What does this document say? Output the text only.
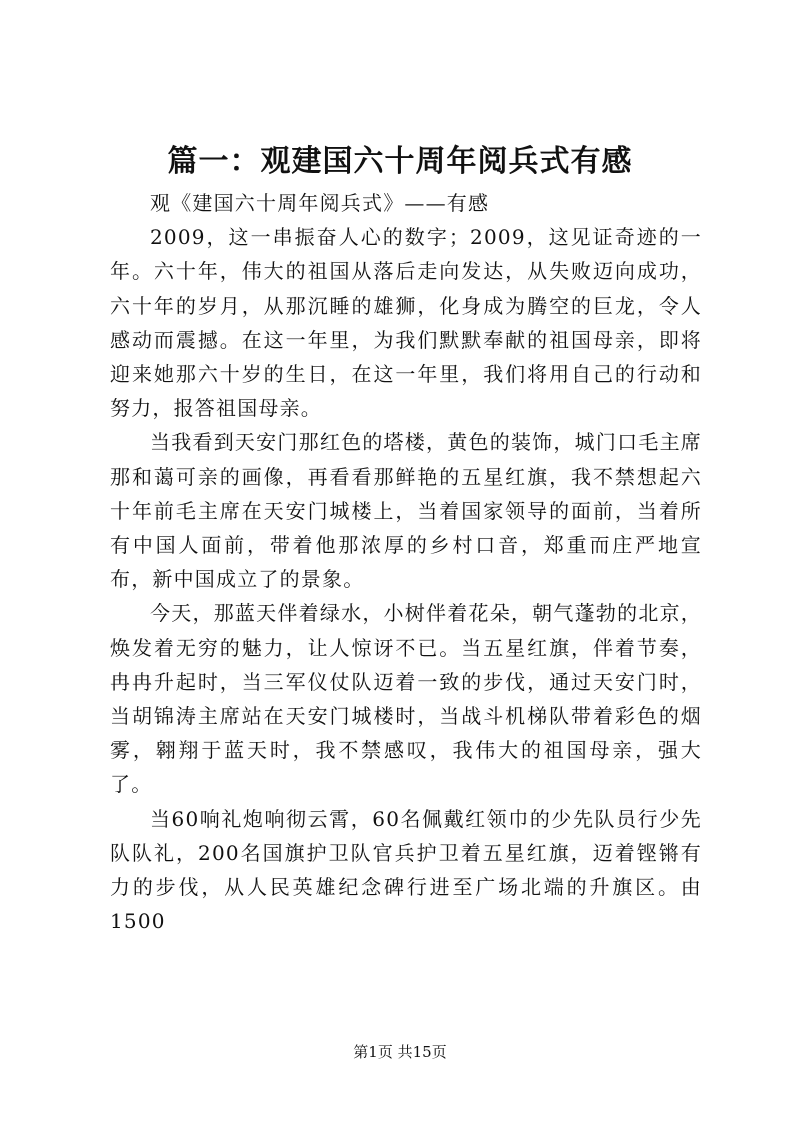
篇一：观建国六十周年阅兵式有感

观《建国六十周年阅兵式》——有感

2009，这一串振奋人心的数字；2009，这见证奇迹的一年。六十年，伟大的祖国从落后走向发达，从失败迈向成功，六十年的岁月，从那沉睡的雄狮，化身成为腾空的巨龙，令人感动而震撼。在这一年里，为我们默默奉献的祖国母亲，即将迎来她那六十岁的生日，在这一年里，我们将用自己的行动和努力，报答祖国母亲。

当我看到天安门那红色的塔楼，黄色的装饰，城门口毛主席那和蔼可亲的画像，再看看那鲜艳的五星红旗，我不禁想起六十年前毛主席在天安门城楼上，当着国家领导的面前，当着所有中国人面前，带着他那浓厚的乡村口音，郑重而庄严地宣布，新中国成立了的景象。

今天，那蓝天伴着绿水，小树伴着花朵，朝气蓬勃的北京，焕发着无穷的魅力，让人惊讶不已。当五星红旗，伴着节奏，冉冉升起时，当三军仪仗队迈着一致的步伐，通过天安门时，当胡锦涛主席站在天安门城楼时，当战斗机梯队带着彩色的烟雾，翱翔于蓝天时，我不禁感叹，我伟大的祖国母亲，强大了。

当60响礼炮响彻云霄，60名佩戴红领巾的少先队员行少先队队礼，200名国旗护卫队官兵护卫着五星红旗，迈着铿锵有力的步伐，从人民英雄纪念碑行进至广场北端的升旗区。由1500

第1页 共15页
